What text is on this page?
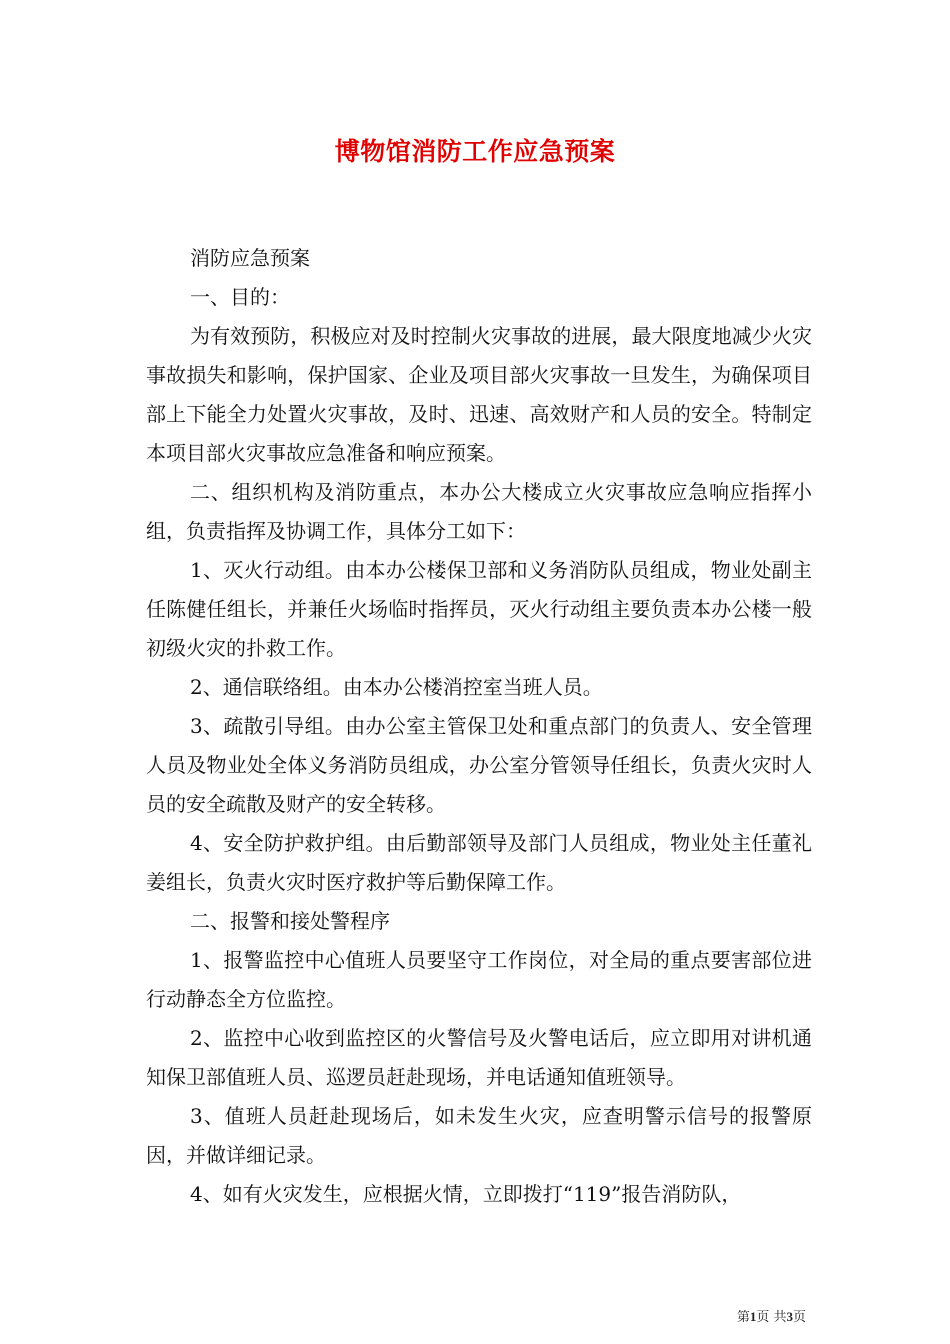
博物馆消防工作应急预案

消防应急预案

一、目的：

为有效预防，积极应对及时控制火灾事故的进展，最大限度地减少火灾事故损失和影响，保护国家、企业及项目部火灾事故一旦发生，为确保项目部上下能全力处置火灾事故，及时、迅速、高效财产和人员的安全。特制定本项目部火灾事故应急准备和响应预案。

二、组织机构及消防重点，本办公大楼成立火灾事故应急响应指挥小组，负责指挥及协调工作，具体分工如下：

1、灭火行动组。由本办公楼保卫部和义务消防队员组成，物业处副主任陈健任组长，并兼任火场临时指挥员，灭火行动组主要负责本办公楼一般初级火灾的扑救工作。

2、通信联络组。由本办公楼消控室当班人员。

3、疏散引导组。由办公室主管保卫处和重点部门的负责人、安全管理人员及物业处全体义务消防员组成，办公室分管领导任组长，负责火灾时人员的安全疏散及财产的安全转移。

4、安全防护救护组。由后勤部领导及部门人员组成，物业处主任董礼姜组长，负责火灾时医疗救护等后勤保障工作。

二、报警和接处警程序

1、报警监控中心值班人员要坚守工作岗位，对全局的重点要害部位进行动静态全方位监控。

2、监控中心收到监控区的火警信号及火警电话后，应立即用对讲机通知保卫部值班人员、巡逻员赶赴现场，并电话通知值班领导。

3、值班人员赶赴现场后，如未发生火灾，应查明警示信号的报警原因，并做详细记录。

4、如有火灾发生，应根据火情，立即拨打“119”报告消防队，

第1页 共3页
